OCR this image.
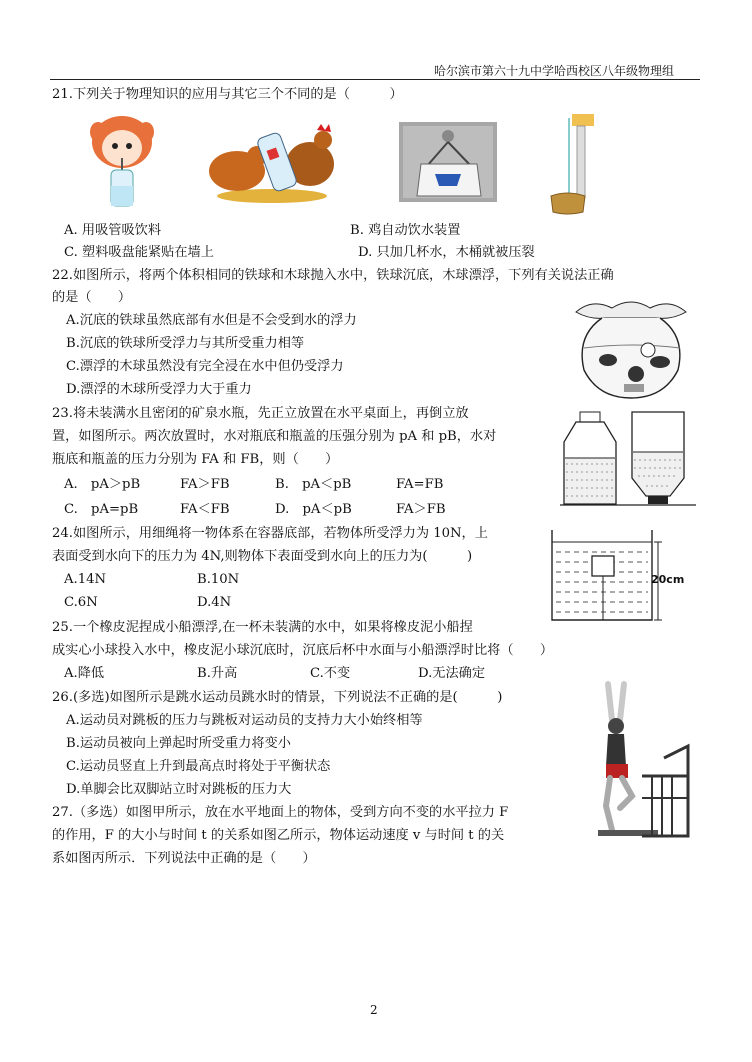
哈尔滨市第六十九中学哈西校区八年级物理组
21.下列关于物理知识的应用与其它三个不同的是（　　　）
A. 用吸管吸饮料	B. 鸡自动饮水装置
C. 塑料吸盘能紧贴在墙上	D. 只加几杯水，木桶就被压裂
22.如图所示，将两个体积相同的铁球和木球抛入水中，铁球沉底，木球漂浮，下列有关说法正确
的是（　　）
A.沉底的铁球虽然底部有水但是不会受到水的浮力
B.沉底的铁球所受浮力与其所受重力相等
C.漂浮的木球虽然没有完全浸在水中但仍受浮力
D.漂浮的木球所受浮力大于重力
23.将未装满水且密闭的矿泉水瓶，先正立放置在水平桌面上，再倒立放
置，如图所示。两次放置时，水对瓶底和瓶盖的压强分别为 pA 和 pB，水对
瓶底和瓶盖的压力分别为 FA 和 FB，则（　　）
A.　pA＞pB	FA＞FB	B.　pA＜pB	FA=FB
C.　pA=pB	FA＜FB	D.　pA＜pB	FA＞FB
24.如图所示，用细绳将一物体系在容器底部，若物体所受浮力为 10N，上
表面受到水向下的压力为 4N,则物体下表面受到水向上的压力为(　　　)
A.14N	B.10N
C.6N	D.4N
20cm
25.一个橡皮泥捏成小船漂浮,在一杯未装满的水中，如果将橡皮泥小船捏
成实心小球投入水中，橡皮泥小球沉底时，沉底后杯中水面与小船漂浮时比将（　　）
A.降低	B.升高	C.不变	D.无法确定
26.(多选)如图所示是跳水运动员跳水时的情景，下列说法不正确的是(　　　)
A.运动员对跳板的压力与跳板对运动员的支持力大小始终相等
B.运动员被向上弹起时所受重力将变小
C.运动员竖直上升到最高点时将处于平衡状态
D.单脚会比双脚站立时对跳板的压力大
27.（多选）如图甲所示，放在水平地面上的物体，受到方向不变的水平拉力 F
的作用，F 的大小与时间 t 的关系如图乙所示，物体运动速度 v 与时间 t 的关
系如图丙所示．下列说法中正确的是（　　）
2
